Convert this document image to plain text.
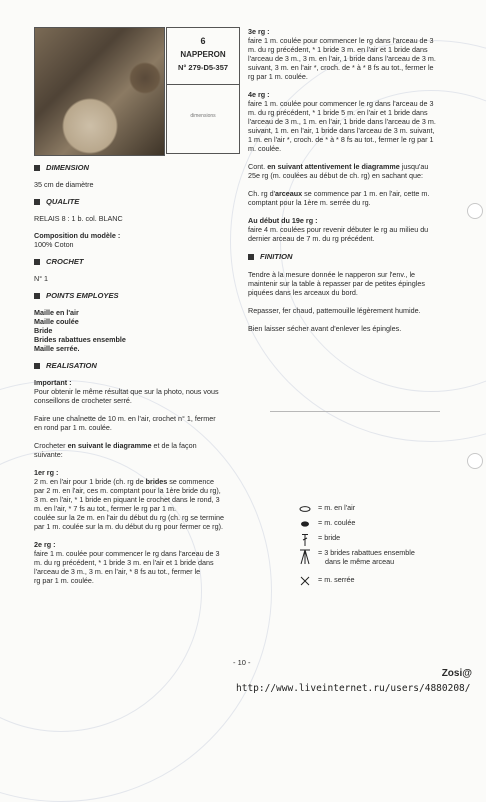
6
NAPPERON
N° 279-D5-357
dimensions

DIMENSION

35 cm de diamètre

QUALITE

RELAIS 8 : 1 b. col. BLANC

Composition du modèle :

100% Coton

CROCHET

N° 1

POINTS EMPLOYES

Maille en l'air

Maille coulée

Bride

Brides rabattues ensemble

Maille serrée.

REALISATION

Important :

Pour obtenir le même résultat que sur la photo, nous vous

conseillons de crocheter serré.

Faire une chaînette de 10 m. en l'air, crochet n° 1, fermer

en rond par 1 m. coulée.

Crocheter en suivant le diagramme et de la façon

suivante:

1er rg :

2 m. en l'air pour 1 bride (ch. rg de brides se commence

par 2 m. en l'air, ces m. comptant pour la 1ère bride du rg),

3 m. en l'air, * 1 bride en piquant le crochet dans le rond, 3

m. en l'air, * 7 fs au tot., fermer le rg par 1 m.

coulée sur la 2e m. en l'air du début du rg (ch. rg se termine

par 1 m. coulée sur la m. du début du rg pour fermer ce rg).

2e rg :

faire 1 m. coulée pour commencer le rg dans l'arceau de 3

m. du rg précédent, * 1 bride 3 m. en l'air et 1 bride dans

l'arceau de 3 m., 3 m. en l'air, * 8 fs au tot., fermer le

rg par 1 m. coulée.

3e rg :

faire 1 m. coulée pour commencer le rg dans l'arceau de 3

m. du rg précédent, * 1 bride 3 m. en l'air et 1 bride dans

l'arceau de 3 m., 3 m. en l'air, 1 bride dans l'arceau de 3 m.

suivant, 3 m. en l'air *, croch. de * à * 8 fs au tot., fermer le

rg par 1 m. coulée.

4e rg :

faire 1 m. coulée pour commencer le rg dans l'arceau de 3

m. du rg précédent, * 1 bride 5 m. en l'air et 1 bride dans

l'arceau de 3 m., 1 m. en l'air, 1 bride dans l'arceau de 3 m.

suivant, 1 m. en l'air, 1 bride dans l'arceau de 3 m. suivant,

1 m. en l'air *, croch. de * à * 8 fs au tot., fermer le rg par 1

m. coulée.

Cont. en suivant attentivement le diagramme jusqu'au

25e rg (m. coulées au début de ch. rg) en sachant que:

Ch. rg d'arceaux se commence par 1 m. en l'air, cette m.

comptant pour la 1ère m. serrée du rg.

Au début du 19e rg :

faire 4 m. coulées pour revenir débuter le rg au milieu du

dernier arceau de 7 m. du rg précédent.

FINITION

Tendre à la mesure donnée le napperon sur l'env., le

maintenir sur la table à repasser par de petites épingles

piquées dans les arceaux du bord.

Repasser, fer chaud, pattemouille légèrement humide.

Bien laisser sécher avant d'enlever les épingles.

= m. en l'air
= m. coulée
= bride
= 3 brides rabattues ensemble
dans le même arceau
= m. serrée
- 10 -
Zosi@
http://www.liveinternet.ru/users/4880208/
